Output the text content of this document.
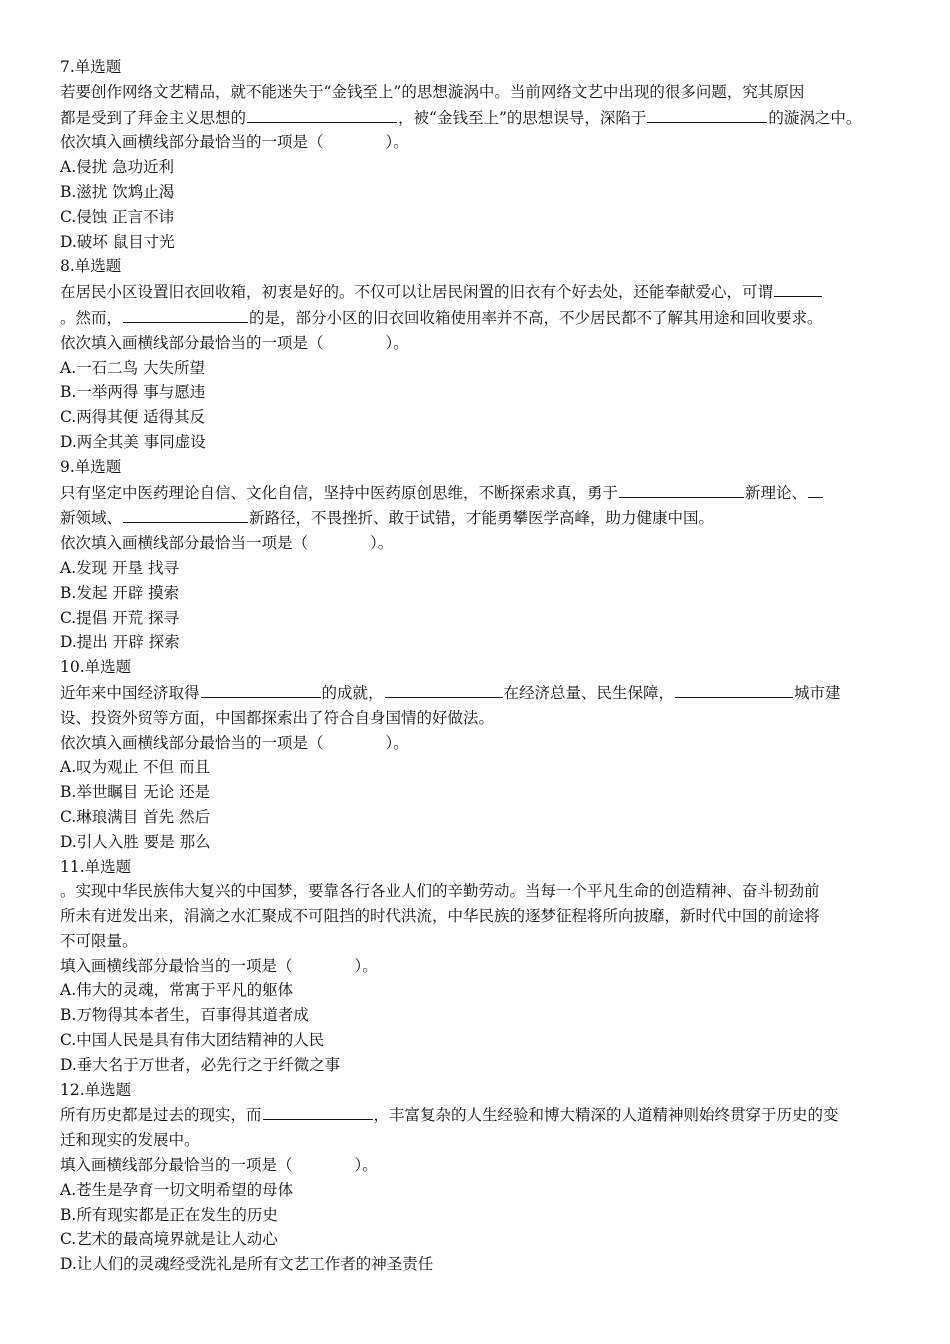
7.单选题
若要创作网络文艺精品，就不能迷失于“金钱至上”的思想漩涡中。当前网络文艺中出现的很多问题，究其原因
都是受到了拜金主义思想的	，被“金钱至上”的思想误导，深陷于	的漩涡之中。
依次填入画横线部分最恰当的一项是（　　　　）。
A.侵扰 急功近利
B.滋扰 饮鸩止渴
C.侵蚀 正言不讳
D.破坏 鼠目寸光
8.单选题
在居民小区设置旧衣回收箱，初衷是好的。不仅可以让居民闲置的旧衣有个好去处，还能奉献爱心，可谓
。然而，	的是，部分小区的旧衣回收箱使用率并不高，不少居民都不了解其用途和回收要求。
依次填入画横线部分最恰当的一项是（　　　　）。
A.一石二鸟 大失所望
B.一举两得 事与愿违
C.两得其便 适得其反
D.两全其美 事同虚设
9.单选题
只有坚定中医药理论自信、文化自信，坚持中医药原创思维，不断探索求真，勇于	新理论、
新领域、	新路径，不畏挫折、敢于试错，才能勇攀医学高峰，助力健康中国。
依次填入画横线部分最恰当一项是（　　　　）。
A.发现 开垦 找寻
B.发起 开辟 摸索
C.提倡 开荒 探寻
D.提出 开辟 探索
10.单选题
近年来中国经济取得	的成就，	在经济总量、民生保障，	城市建
设、投资外贸等方面，中国都探索出了符合自身国情的好做法。
依次填入画横线部分最恰当的一项是（　　　　）。
A.叹为观止 不但 而且
B.举世瞩目 无论 还是
C.琳琅满目 首先 然后
D.引人入胜 要是 那么
11.单选题
。实现中华民族伟大复兴的中国梦，要靠各行各业人们的辛勤劳动。当每一个平凡生命的创造精神、奋斗韧劲前
所未有迸发出来，涓滴之水汇聚成不可阻挡的时代洪流，中华民族的逐梦征程将所向披靡，新时代中国的前途将
不可限量。
填入画横线部分最恰当的一项是（　　　　）。
A.伟大的灵魂，常寓于平凡的躯体
B.万物得其本者生，百事得其道者成
C.中国人民是具有伟大团结精神的人民
D.垂大名于万世者，必先行之于纤微之事
12.单选题
所有历史都是过去的现实，而	，丰富复杂的人生经验和博大精深的人道精神则始终贯穿于历史的变
迁和现实的发展中。
填入画横线部分最恰当的一项是（　　　　）。
A.苍生是孕育一切文明希望的母体
B.所有现实都是正在发生的历史
C.艺术的最高境界就是让人动心
D.让人们的灵魂经受洗礼是所有文艺工作者的神圣责任
